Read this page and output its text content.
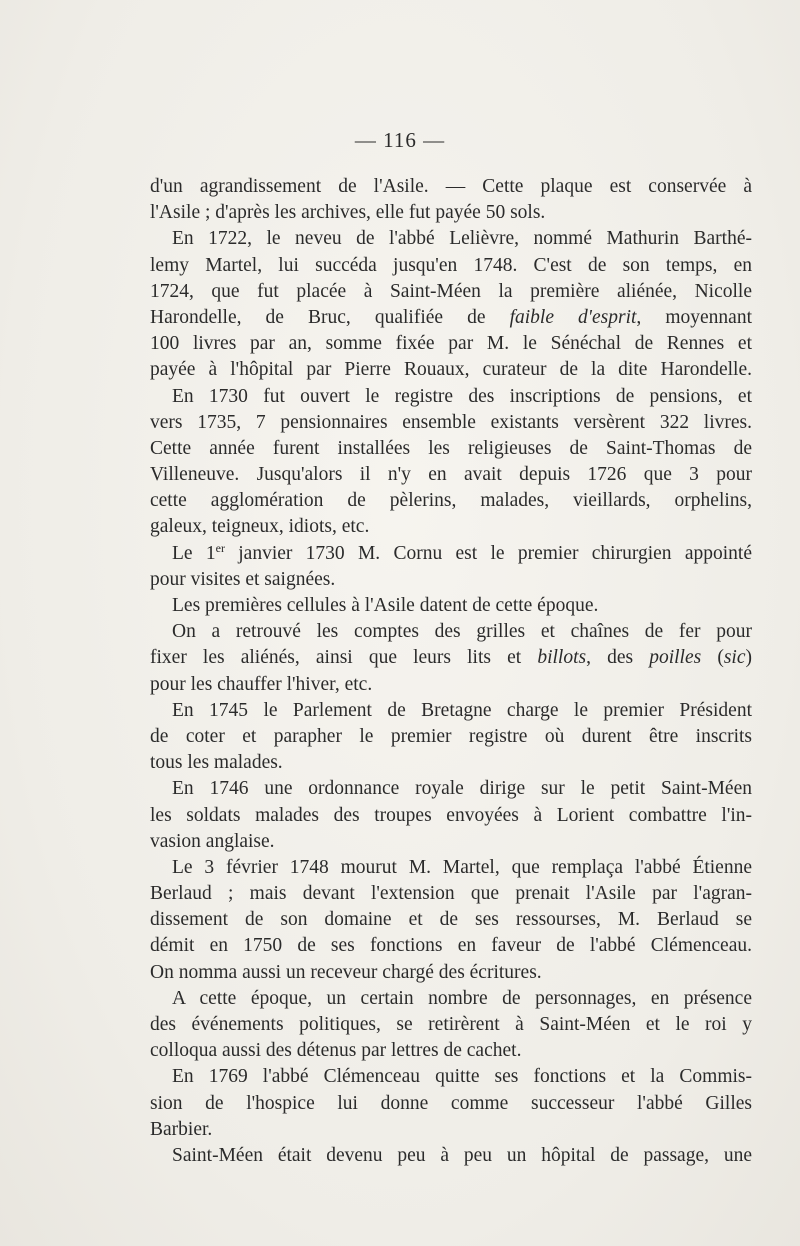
— 116 —
d'un agrandissement de l'Asile. — Cette plaque est conservée à
l'Asile ; d'après les archives, elle fut payée 50 sols.
En 1722, le neveu de l'abbé Lelièvre, nommé Mathurin Barthé-
lemy Martel, lui succéda jusqu'en 1748. C'est de son temps, en
1724, que fut placée à Saint-Méen la première aliénée, Nicolle
Harondelle, de Bruc, qualifiée de faible d'esprit, moyennant
100 livres par an, somme fixée par M. le Sénéchal de Rennes et
payée à l'hôpital par Pierre Rouaux, curateur de la dite Harondelle.
En 1730 fut ouvert le registre des inscriptions de pensions, et
vers 1735, 7 pensionnaires ensemble existants versèrent 322 livres.
Cette année furent installées les religieuses de Saint-Thomas de
Villeneuve. Jusqu'alors il n'y en avait depuis 1726 que 3 pour
cette agglomération de pèlerins, malades, vieillards, orphelins,
galeux, teigneux, idiots, etc.
Le 1er janvier 1730 M. Cornu est le premier chirurgien appointé
pour visites et saignées.
Les premières cellules à l'Asile datent de cette époque.
On a retrouvé les comptes des grilles et chaînes de fer pour
fixer les aliénés, ainsi que leurs lits et billots, des poilles (sic)
pour les chauffer l'hiver, etc.
En 1745 le Parlement de Bretagne charge le premier Président
de coter et parapher le premier registre où durent être inscrits
tous les malades.
En 1746 une ordonnance royale dirige sur le petit Saint-Méen
les soldats malades des troupes envoyées à Lorient combattre l'in-
vasion anglaise.
Le 3 février 1748 mourut M. Martel, que remplaça l'abbé Étienne
Berlaud ; mais devant l'extension que prenait l'Asile par l'agran-
dissement de son domaine et de ses ressourses, M. Berlaud se
démit en 1750 de ses fonctions en faveur de l'abbé Clémenceau.
On nomma aussi un receveur chargé des écritures.
A cette époque, un certain nombre de personnages, en présence
des événements politiques, se retirèrent à Saint-Méen et le roi y
colloqua aussi des détenus par lettres de cachet.
En 1769 l'abbé Clémenceau quitte ses fonctions et la Commis-
sion de l'hospice lui donne comme successeur l'abbé Gilles
Barbier.
Saint-Méen était devenu peu à peu un hôpital de passage, une
